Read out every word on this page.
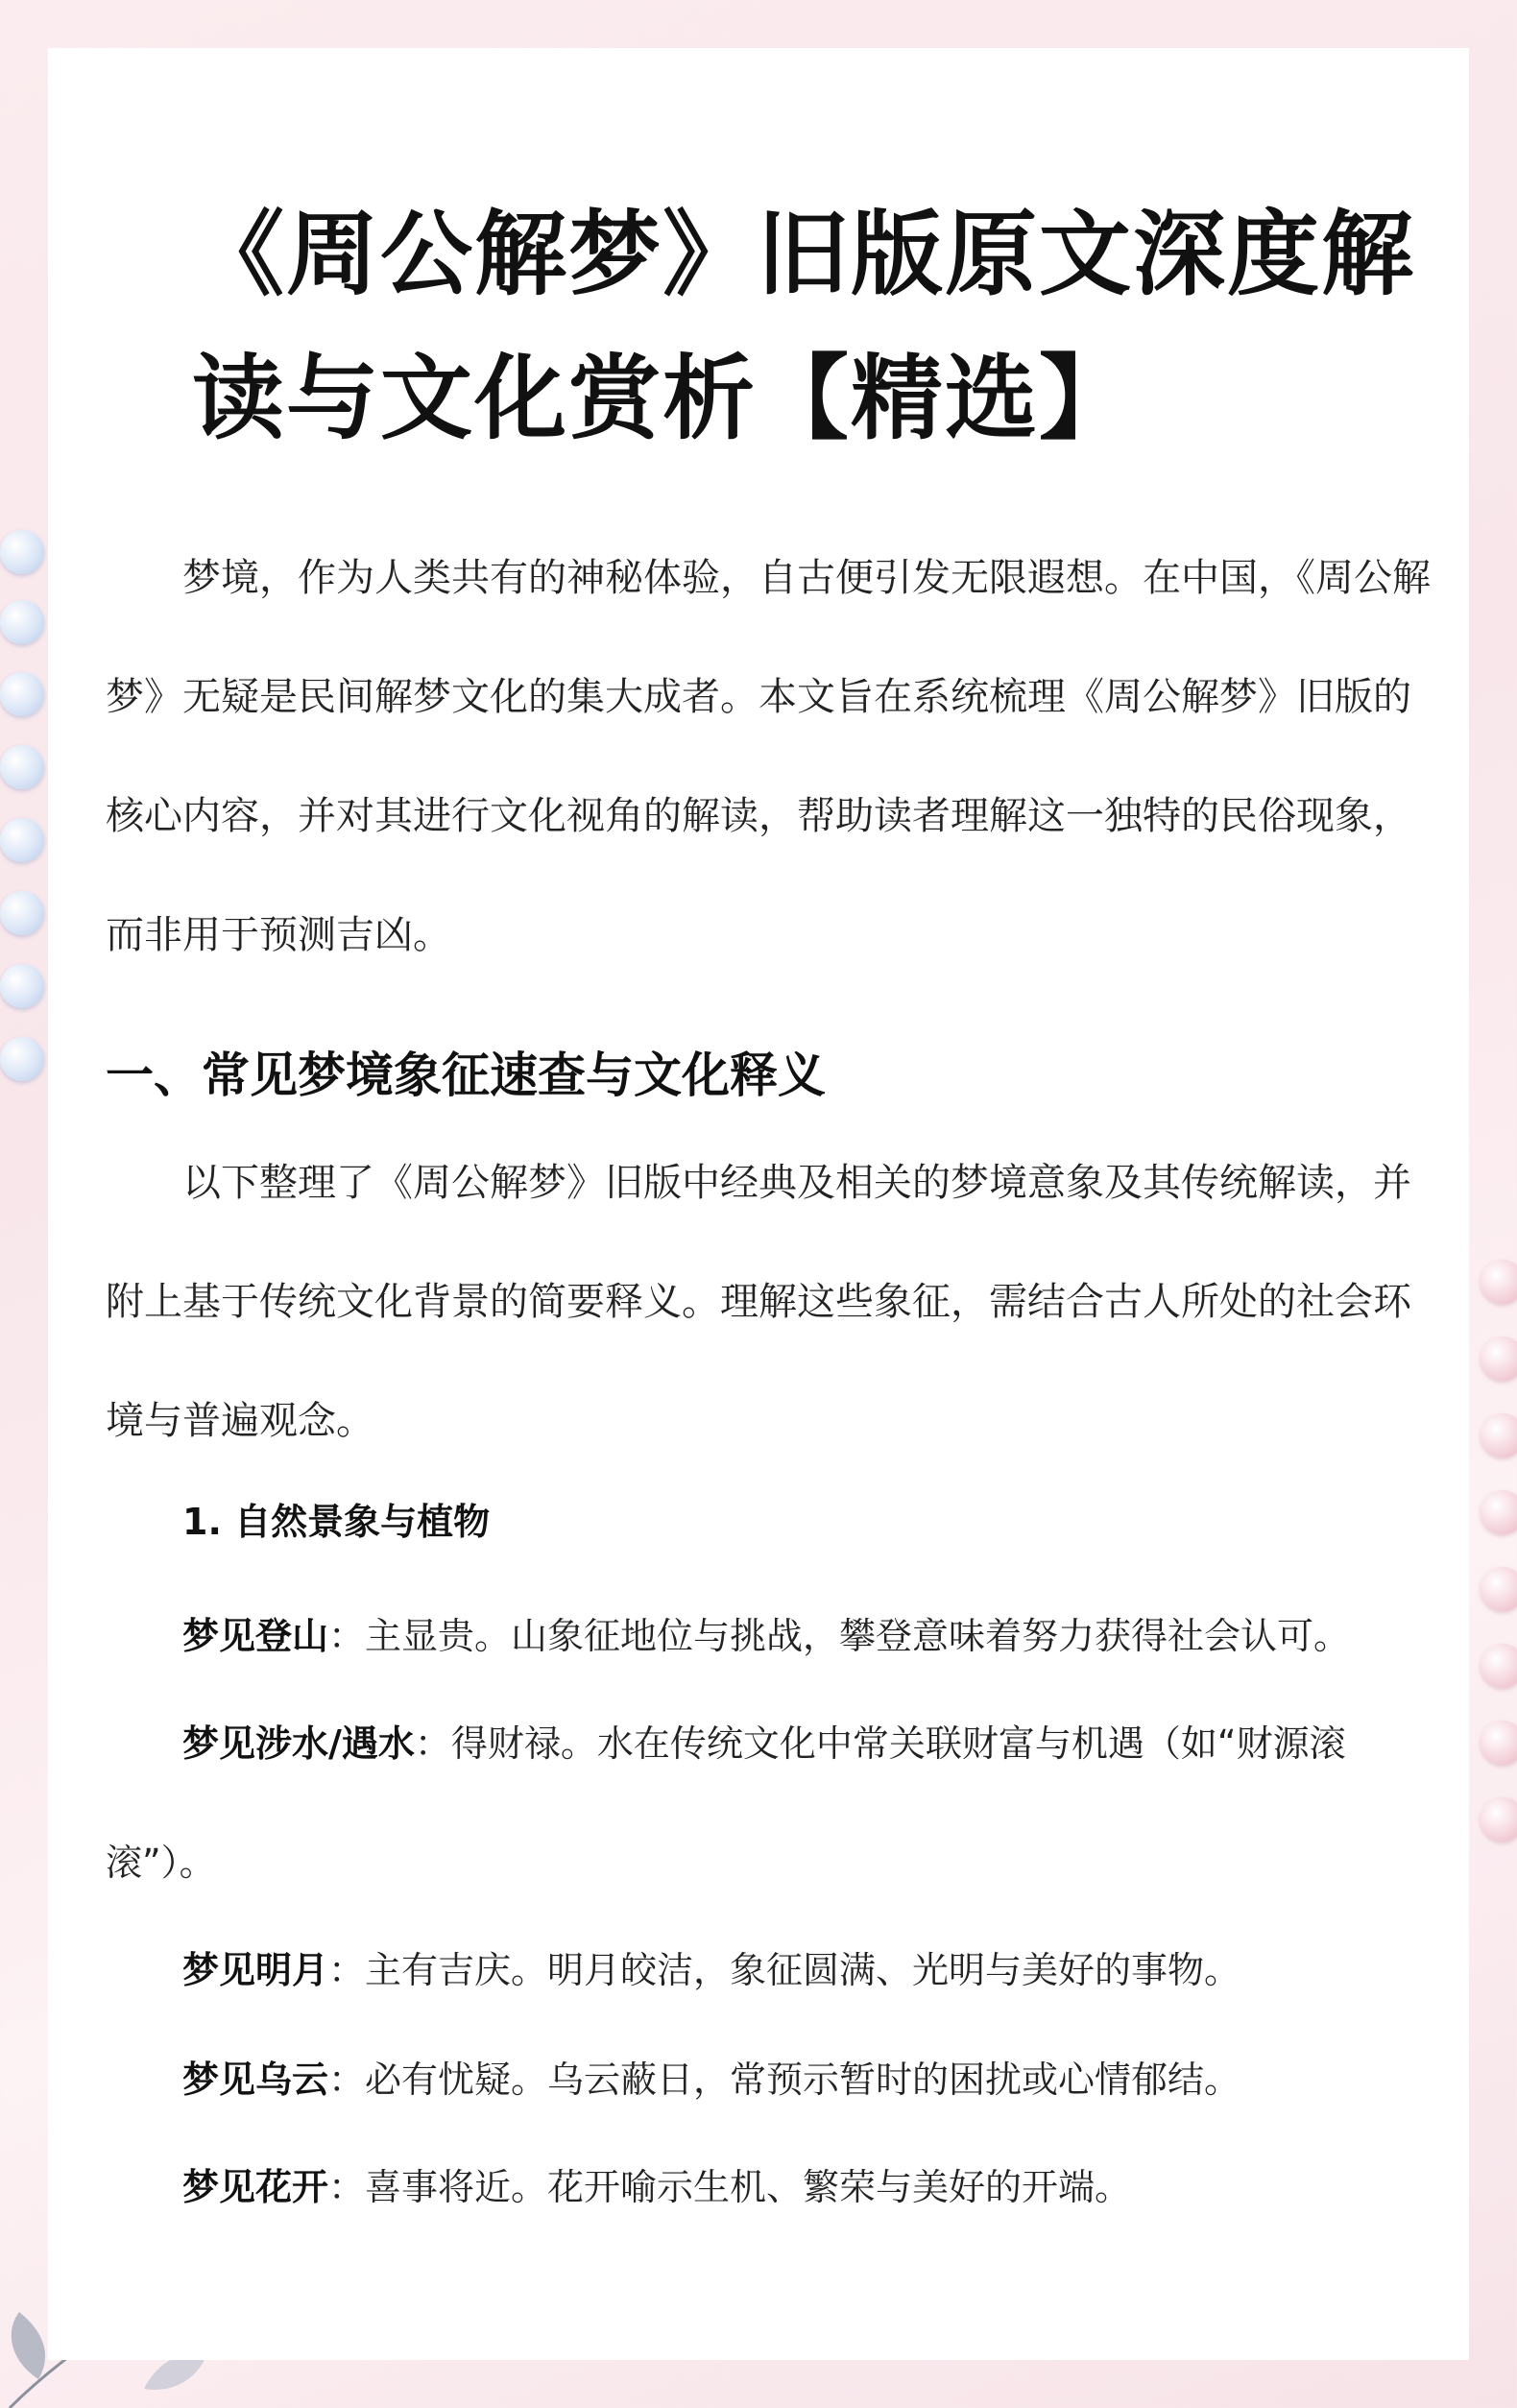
《周公解梦》旧版原文深度解读与文化赏析【精选】

梦境，作为人类共有的神秘体验，自古便引发无限遐想。在中国，《周公解梦》无疑是民间解梦文化的集大成者。本文旨在系统梳理《周公解梦》旧版的核心内容，并对其进行文化视角的解读，帮助读者理解这一独特的民俗现象，而非用于预测吉凶。

一、常见梦境象征速查与文化释义

以下整理了《周公解梦》旧版中经典及相关的梦境意象及其传统解读，并附上基于传统文化背景的简要释义。理解这些象征，需结合古人所处的社会环境与普遍观念。

1. 自然景象与植物

梦见登山：主显贵。山象征地位与挑战，攀登意味着努力获得社会认可。

梦见涉水/遇水：得财禄。水在传统文化中常关联财富与机遇（如“财源滚滚”）。

梦见明月：主有吉庆。明月皎洁，象征圆满、光明与美好的事物。

梦见乌云：必有忧疑。乌云蔽日，常预示暂时的困扰或心情郁结。

梦见花开：喜事将近。花开喻示生机、繁荣与美好的开端。
